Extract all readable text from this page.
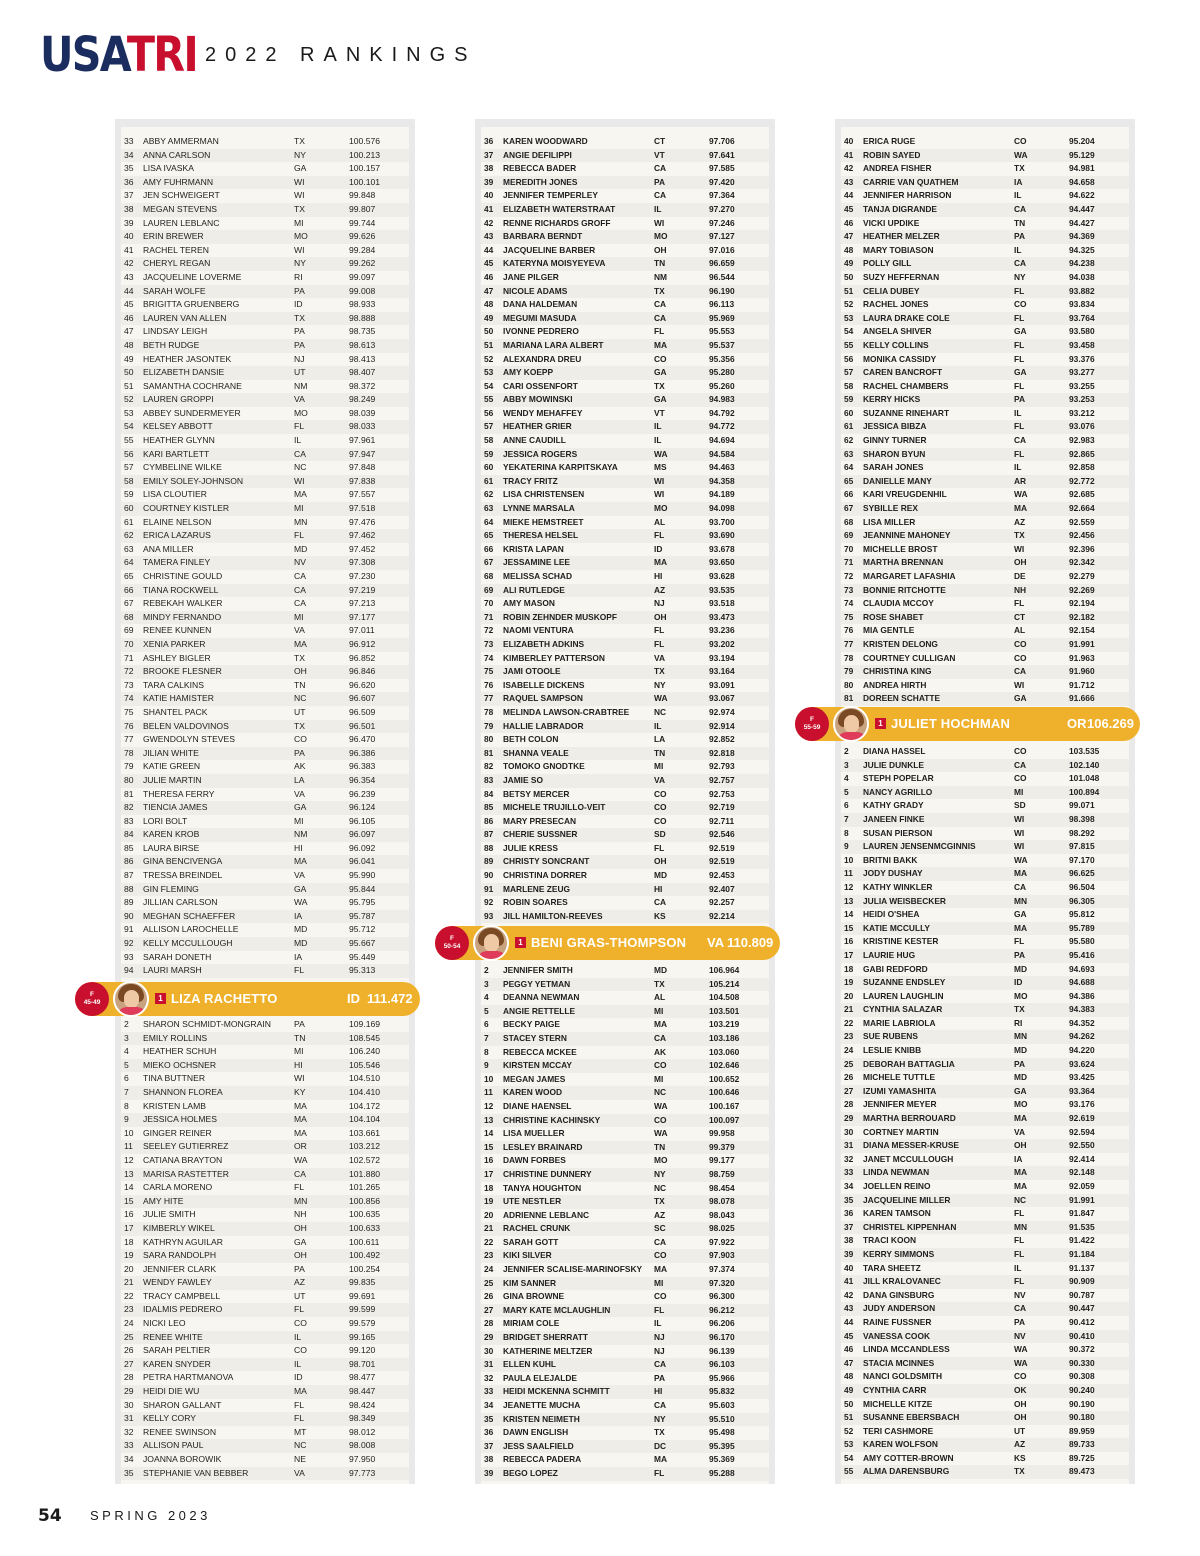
USATRI 2022 RANKINGS
33	ABBY AMMERMAN	TX	100.576
34	ANNA CARLSON	NY	100.213
35	LISA IVASKA	GA	100.157
36	AMY FUHRMANN	WI	100.101
37	JEN SCHWEIGERT	WI	99.848
38	MEGAN STEVENS	TX	99.807
39	LAUREN LEBLANC	MI	99.744
40	ERIN BREWER	MO	99.626
41	RACHEL TEREN	WI	99.284
42	CHERYL REGAN	NY	99.262
43	JACQUELINE LOVERME	RI	99.097
44	SARAH WOLFE	PA	99.008
45	BRIGITTA GRUENBERG	ID	98.933
46	LAUREN VAN ALLEN	TX	98.888
47	LINDSAY LEIGH	PA	98.735
48	BETH RUDGE	PA	98.613
49	HEATHER JASONTEK	NJ	98.413
50	ELIZABETH DANSIE	UT	98.407
51	SAMANTHA COCHRANE	NM	98.372
52	LAUREN GROPPI	VA	98.249
53	ABBEY SUNDERMEYER	MO	98.039
54	KELSEY ABBOTT	FL	98.033
55	HEATHER GLYNN	IL	97.961
56	KARI BARTLETT	CA	97.947
57	CYMBELINE WILKE	NC	97.848
58	EMILY SOLEY-JOHNSON	WI	97.838
59	LISA CLOUTIER	MA	97.557
60	COURTNEY KISTLER	MI	97.518
61	ELAINE NELSON	MN	97.476
62	ERICA LAZARUS	FL	97.462
63	ANA MILLER	MD	97.452
64	TAMERA FINLEY	NV	97.308
65	CHRISTINE GOULD	CA	97.230
66	TIANA ROCKWELL	CA	97.219
67	REBEKAH WALKER	CA	97.213
68	MINDY FERNANDO	MI	97.177
69	RENEE KUNNEN	VA	97.011
70	XENIA PARKER	MA	96.912
71	ASHLEY BIGLER	TX	96.852
72	BROOKE FLESNER	OH	96.846
73	TARA CALKINS	TN	96.620
74	KATIE HAMISTER	NC	96.607
75	SHANTEL PACK	UT	96.509
76	BELEN VALDOVINOS	TX	96.501
77	GWENDOLYN STEVES	CO	96.470
78	JILIAN WHITE	PA	96.386
79	KATIE GREEN	AK	96.383
80	JULIE MARTIN	LA	96.354
81	THERESA FERRY	VA	96.239
82	TIENCIA JAMES	GA	96.124
83	LORI BOLT	MI	96.105
84	KAREN KROB	NM	96.097
85	LAURA BIRSE	HI	96.092
86	GINA BENCIVENGA	MA	96.041
87	TRESSA BREINDEL	VA	95.990
88	GIN FLEMING	GA	95.844
89	JILLIAN CARLSON	WA	95.795
90	MEGHAN SCHAEFFER	IA	95.787
91	ALLISON LAROCHELLE	MD	95.712
92	KELLY MCCULLOUGH	MD	95.667
93	SARAH DONETH	IA	95.449
94	LAURI MARSH	FL	95.313
2	SHARON SCHMIDT-MONGRAIN	PA	109.169
3	EMILY ROLLINS	TN	108.545
4	HEATHER SCHUH	MI	106.240
5	MIEKO OCHSNER	HI	105.546
6	TINA BUTTNER	WI	104.510
7	SHANNON FLOREA	KY	104.410
8	KRISTEN LAMB	MA	104.172
9	JESSICA HOLMES	MA	104.104
10	GINGER REINER	MA	103.661
11	SEELEY GUTIERREZ	OR	103.212
12	CATIANA BRAYTON	WA	102.572
13	MARISA RASTETTER	CA	101.880
14	CARLA MORENO	FL	101.265
15	AMY HITE	MN	100.856
16	JULIE SMITH	NH	100.635
17	KIMBERLY WIKEL	OH	100.633
18	KATHRYN AGUILAR	GA	100.611
19	SARA RANDOLPH	OH	100.492
20	JENNIFER CLARK	PA	100.254
21	WENDY FAWLEY	AZ	99.835
22	TRACY CAMPBELL	UT	99.691
23	IDALMIS PEDRERO	FL	99.599
24	NICKI LEO	CO	99.579
25	RENEE WHITE	IL	99.165
26	SARAH PELTIER	CO	99.120
27	KAREN SNYDER	IL	98.701
28	PETRA HARTMANOVA	ID	98.477
29	HEIDI DIE WU	MA	98.447
30	SHARON GALLANT	FL	98.424
31	KELLY CORY	FL	98.349
32	RENEE SWINSON	MT	98.012
33	ALLISON PAUL	NC	98.008
34	JOANNA BOROWIK	NE	97.950
35	STEPHANIE VAN BEBBER	VA	97.773
F
45-49	1 LIZA RACHETTO	ID 111.472
36	KAREN WOODWARD	CT	97.706
37	ANGIE DEFILIPPI	VT	97.641
38	REBECCA BADER	CA	97.585
39	MEREDITH JONES	PA	97.420
40	JENNIFER TEMPERLEY	CA	97.364
41	ELIZABETH WATERSTRAAT	IL	97.270
42	RENNE RICHARDS GROFF	WI	97.246
43	BARBARA BERNDT	MO	97.127
44	JACQUELINE BARBER	OH	97.016
45	KATERYNA MOISYEYEVA	TN	96.659
46	JANE PILGER	NM	96.544
47	NICOLE ADAMS	TX	96.190
48	DANA HALDEMAN	CA	96.113
49	MEGUMI MASUDA	CA	95.969
50	IVONNE PEDRERO	FL	95.553
51	MARIANA LARA ALBERT	MA	95.537
52	ALEXANDRA DREU	CO	95.356
53	AMY KOEPP	GA	95.280
54	CARI OSSENFORT	TX	95.260
55	ABBY MOWINSKI	GA	94.983
56	WENDY MEHAFFEY	VT	94.792
57	HEATHER GRIER	IL	94.772
58	ANNE CAUDILL	IL	94.694
59	JESSICA ROGERS	WA	94.584
60	YEKATERINA KARPITSKAYA	MS	94.463
61	TRACY FRITZ	WI	94.358
62	LISA CHRISTENSEN	WI	94.189
63	LYNNE MARSALA	MO	94.098
64	MIEKE HEMSTREET	AL	93.700
65	THERESA HELSEL	FL	93.690
66	KRISTA LAPAN	ID	93.678
67	JESSAMINE LEE	MA	93.650
68	MELISSA SCHAD	HI	93.628
69	ALI RUTLEDGE	AZ	93.535
70	AMY MASON	NJ	93.518
71	ROBIN ZEHNDER MUSKOPF	OH	93.473
72	NAOMI VENTURA	FL	93.236
73	ELIZABETH ADKINS	FL	93.202
74	KIMBERLEY PATTERSON	VA	93.194
75	JAMI OTOOLE	TX	93.164
76	ISABELLE DICKENS	NY	93.091
77	RAQUEL SAMPSON	WA	93.067
78	MELINDA LAWSON-CRABTREE	NC	92.974
79	HALLIE LABRADOR	IL	92.914
80	BETH COLON	LA	92.852
81	SHANNA VEALE	TN	92.818
82	TOMOKO GNODTKE	MI	92.793
83	JAMIE SO	VA	92.757
84	BETSY MERCER	CO	92.753
85	MICHELE TRUJILLO-VEIT	CO	92.719
86	MARY PRESECAN	CO	92.711
87	CHERIE SUSSNER	SD	92.546
88	JULIE KRESS	FL	92.519
89	CHRISTY SONCRANT	OH	92.519
90	CHRISTINA DORRER	MD	92.453
91	MARLENE ZEUG	HI	92.407
92	ROBIN SOARES	CA	92.257
93	JILL HAMILTON-REEVES	KS	92.214
2	JENNIFER SMITH	MD	106.964
3	PEGGY YETMAN	TX	105.214
4	DEANNA NEWMAN	AL	104.508
5	ANGIE RETTELLE	MI	103.501
6	BECKY PAIGE	MA	103.219
7	STACEY STERN	CA	103.186
8	REBECCA MCKEE	AK	103.060
9	KIRSTEN MCCAY	CO	102.646
10	MEGAN JAMES	MI	100.652
11	KAREN WOOD	NC	100.646
12	DIANE HAENSEL	WA	100.167
13	CHRISTINE KACHINSKY	CO	100.097
14	LISA MUELLER	WA	99.958
15	LESLEY BRAINARD	TN	99.379
16	DAWN FORBES	MO	99.177
17	CHRISTINE DUNNERY	NY	98.759
18	TANYA HOUGHTON	NC	98.454
19	UTE NESTLER	TX	98.078
20	ADRIENNE LEBLANC	AZ	98.043
21	RACHEL CRUNK	SC	98.025
22	SARAH GOTT	CA	97.922
23	KIKI SILVER	CO	97.903
24	JENNIFER SCALISE-MARINOFSKY	MA	97.374
25	KIM SANNER	MI	97.320
26	GINA BROWNE	CO	96.300
27	MARY KATE MCLAUGHLIN	FL	96.212
28	MIRIAM COLE	IL	96.206
29	BRIDGET SHERRATT	NJ	96.170
30	KATHERINE MELTZER	NJ	96.139
31	ELLEN KUHL	CA	96.103
32	PAULA ELEJALDE	PA	95.966
33	HEIDI MCKENNA SCHMITT	HI	95.832
34	JEANETTE MUCHA	CA	95.603
35	KRISTEN NEIMETH	NY	95.510
36	DAWN ENGLISH	TX	95.498
37	JESS SAALFIELD	DC	95.395
38	REBECCA PADERA	MA	95.369
39	BEGO LOPEZ	FL	95.288
F
50-54	1 BENI GRAS-THOMPSON VA 110.809
40	ERICA RUGE	CO	95.204
41	ROBIN SAYED	WA	95.129
42	ANDREA FISHER	TX	94.981
43	CARRIE VAN QUATHEM	IA	94.658
44	JENNIFER HARRISON	IL	94.622
45	TANJA DIGRANDE	CA	94.447
46	VICKI UPDIKE	TN	94.427
47	HEATHER MELZER	PA	94.369
48	MARY TOBIASON	IL	94.325
49	POLLY GILL	CA	94.238
50	SUZY HEFFERNAN	NY	94.038
51	CELIA DUBEY	FL	93.882
52	RACHEL JONES	CO	93.834
53	LAURA DRAKE COLE	FL	93.764
54	ANGELA SHIVER	GA	93.580
55	KELLY COLLINS	FL	93.458
56	MONIKA CASSIDY	FL	93.376
57	CAREN BANCROFT	GA	93.277
58	RACHEL CHAMBERS	FL	93.255
59	KERRY HICKS	PA	93.253
60	SUZANNE RINEHART	IL	93.212
61	JESSICA BIBZA	FL	93.076
62	GINNY TURNER	CA	92.983
63	SHARON BYUN	FL	92.865
64	SARAH JONES	IL	92.858
65	DANIELLE MANY	AR	92.772
66	KARI VREUGDENHIL	WA	92.685
67	SYBILLE REX	MA	92.664
68	LISA MILLER	AZ	92.559
69	JEANNINE MAHONEY	TX	92.456
70	MICHELLE BROST	WI	92.396
71	MARTHA BRENNAN	OH	92.342
72	MARGARET LAFASHIA	DE	92.279
73	BONNIE RITCHOTTE	NH	92.269
74	CLAUDIA MCCOY	FL	92.194
75	ROSE SHABET	CT	92.182
76	MIA GENTLE	AL	92.154
77	KRISTEN DELONG	CO	91.991
78	COURTNEY CULLIGAN	CO	91.963
79	CHRISTINA KING	CA	91.960
80	ANDREA HIRTH	WI	91.712
81	DOREEN SCHATTE	GA	91.666
2	DIANA HASSEL	CO	103.535
3	JULIE DUNKLE	CA	102.140
4	STEPH POPELAR	CO	101.048
5	NANCY AGRILLO	MI	100.894
6	KATHY GRADY	SD	99.071
7	JANEEN FINKE	WI	98.398
8	SUSAN PIERSON	WI	98.292
9	LAUREN JENSENMCGINNIS	WI	97.815
10	BRITNI BAKK	WA	97.170
11	JODY DUSHAY	MA	96.625
12	KATHY WINKLER	CA	96.504
13	JULIA WEISBECKER	MN	96.305
14	HEIDI O'SHEA	GA	95.812
15	KATIE MCCULLY	MA	95.789
16	KRISTINE KESTER	FL	95.580
17	LAURIE HUG	PA	95.416
18	GABI REDFORD	MD	94.693
19	SUZANNE ENDSLEY	ID	94.688
20	LAUREN LAUGHLIN	MO	94.386
21	CYNTHIA SALAZAR	TX	94.383
22	MARIE LABRIOLA	RI	94.352
23	SUE RUBENS	MN	94.262
24	LESLIE KNIBB	MD	94.220
25	DEBORAH BATTAGLIA	PA	93.624
26	MICHELE TUTTLE	MD	93.425
27	IZUMI YAMASHITA	GA	93.364
28	JENNIFER MEYER	MO	93.176
29	MARTHA BERROUARD	MA	92.619
30	CORTNEY MARTIN	VA	92.594
31	DIANA MESSER-KRUSE	OH	92.550
32	JANET MCCULLOUGH	IA	92.414
33	LINDA NEWMAN	MA	92.148
34	JOELLEN REINO	MA	92.059
35	JACQUELINE MILLER	NC	91.991
36	KAREN TAMSON	FL	91.847
37	CHRISTEL KIPPENHAN	MN	91.535
38	TRACI KOON	FL	91.422
39	KERRY SIMMONS	FL	91.184
40	TARA SHEETZ	IL	91.137
41	JILL KRALOVANEC	FL	90.909
42	DANA GINSBURG	NV	90.787
43	JUDY ANDERSON	CA	90.447
44	RAINE FUSSNER	PA	90.412
45	VANESSA COOK	NV	90.410
46	LINDA MCCANDLESS	WA	90.372
47	STACIA MCINNES	WA	90.330
48	NANCI GOLDSMITH	CO	90.308
49	CYNTHIA CARR	OK	90.240
50	MICHELLE KITZE	OH	90.190
51	SUSANNE EBERSBACH	OH	90.180
52	TERI CASHMORE	UT	89.959
53	KAREN WOLFSON	AZ	89.733
54	AMY COTTER-BROWN	KS	89.725
55	ALMA DARENSBURG	TX	89.473
F
55-59	1 JULIET HOCHMAN	OR 106.269
54 SPRING 2023
